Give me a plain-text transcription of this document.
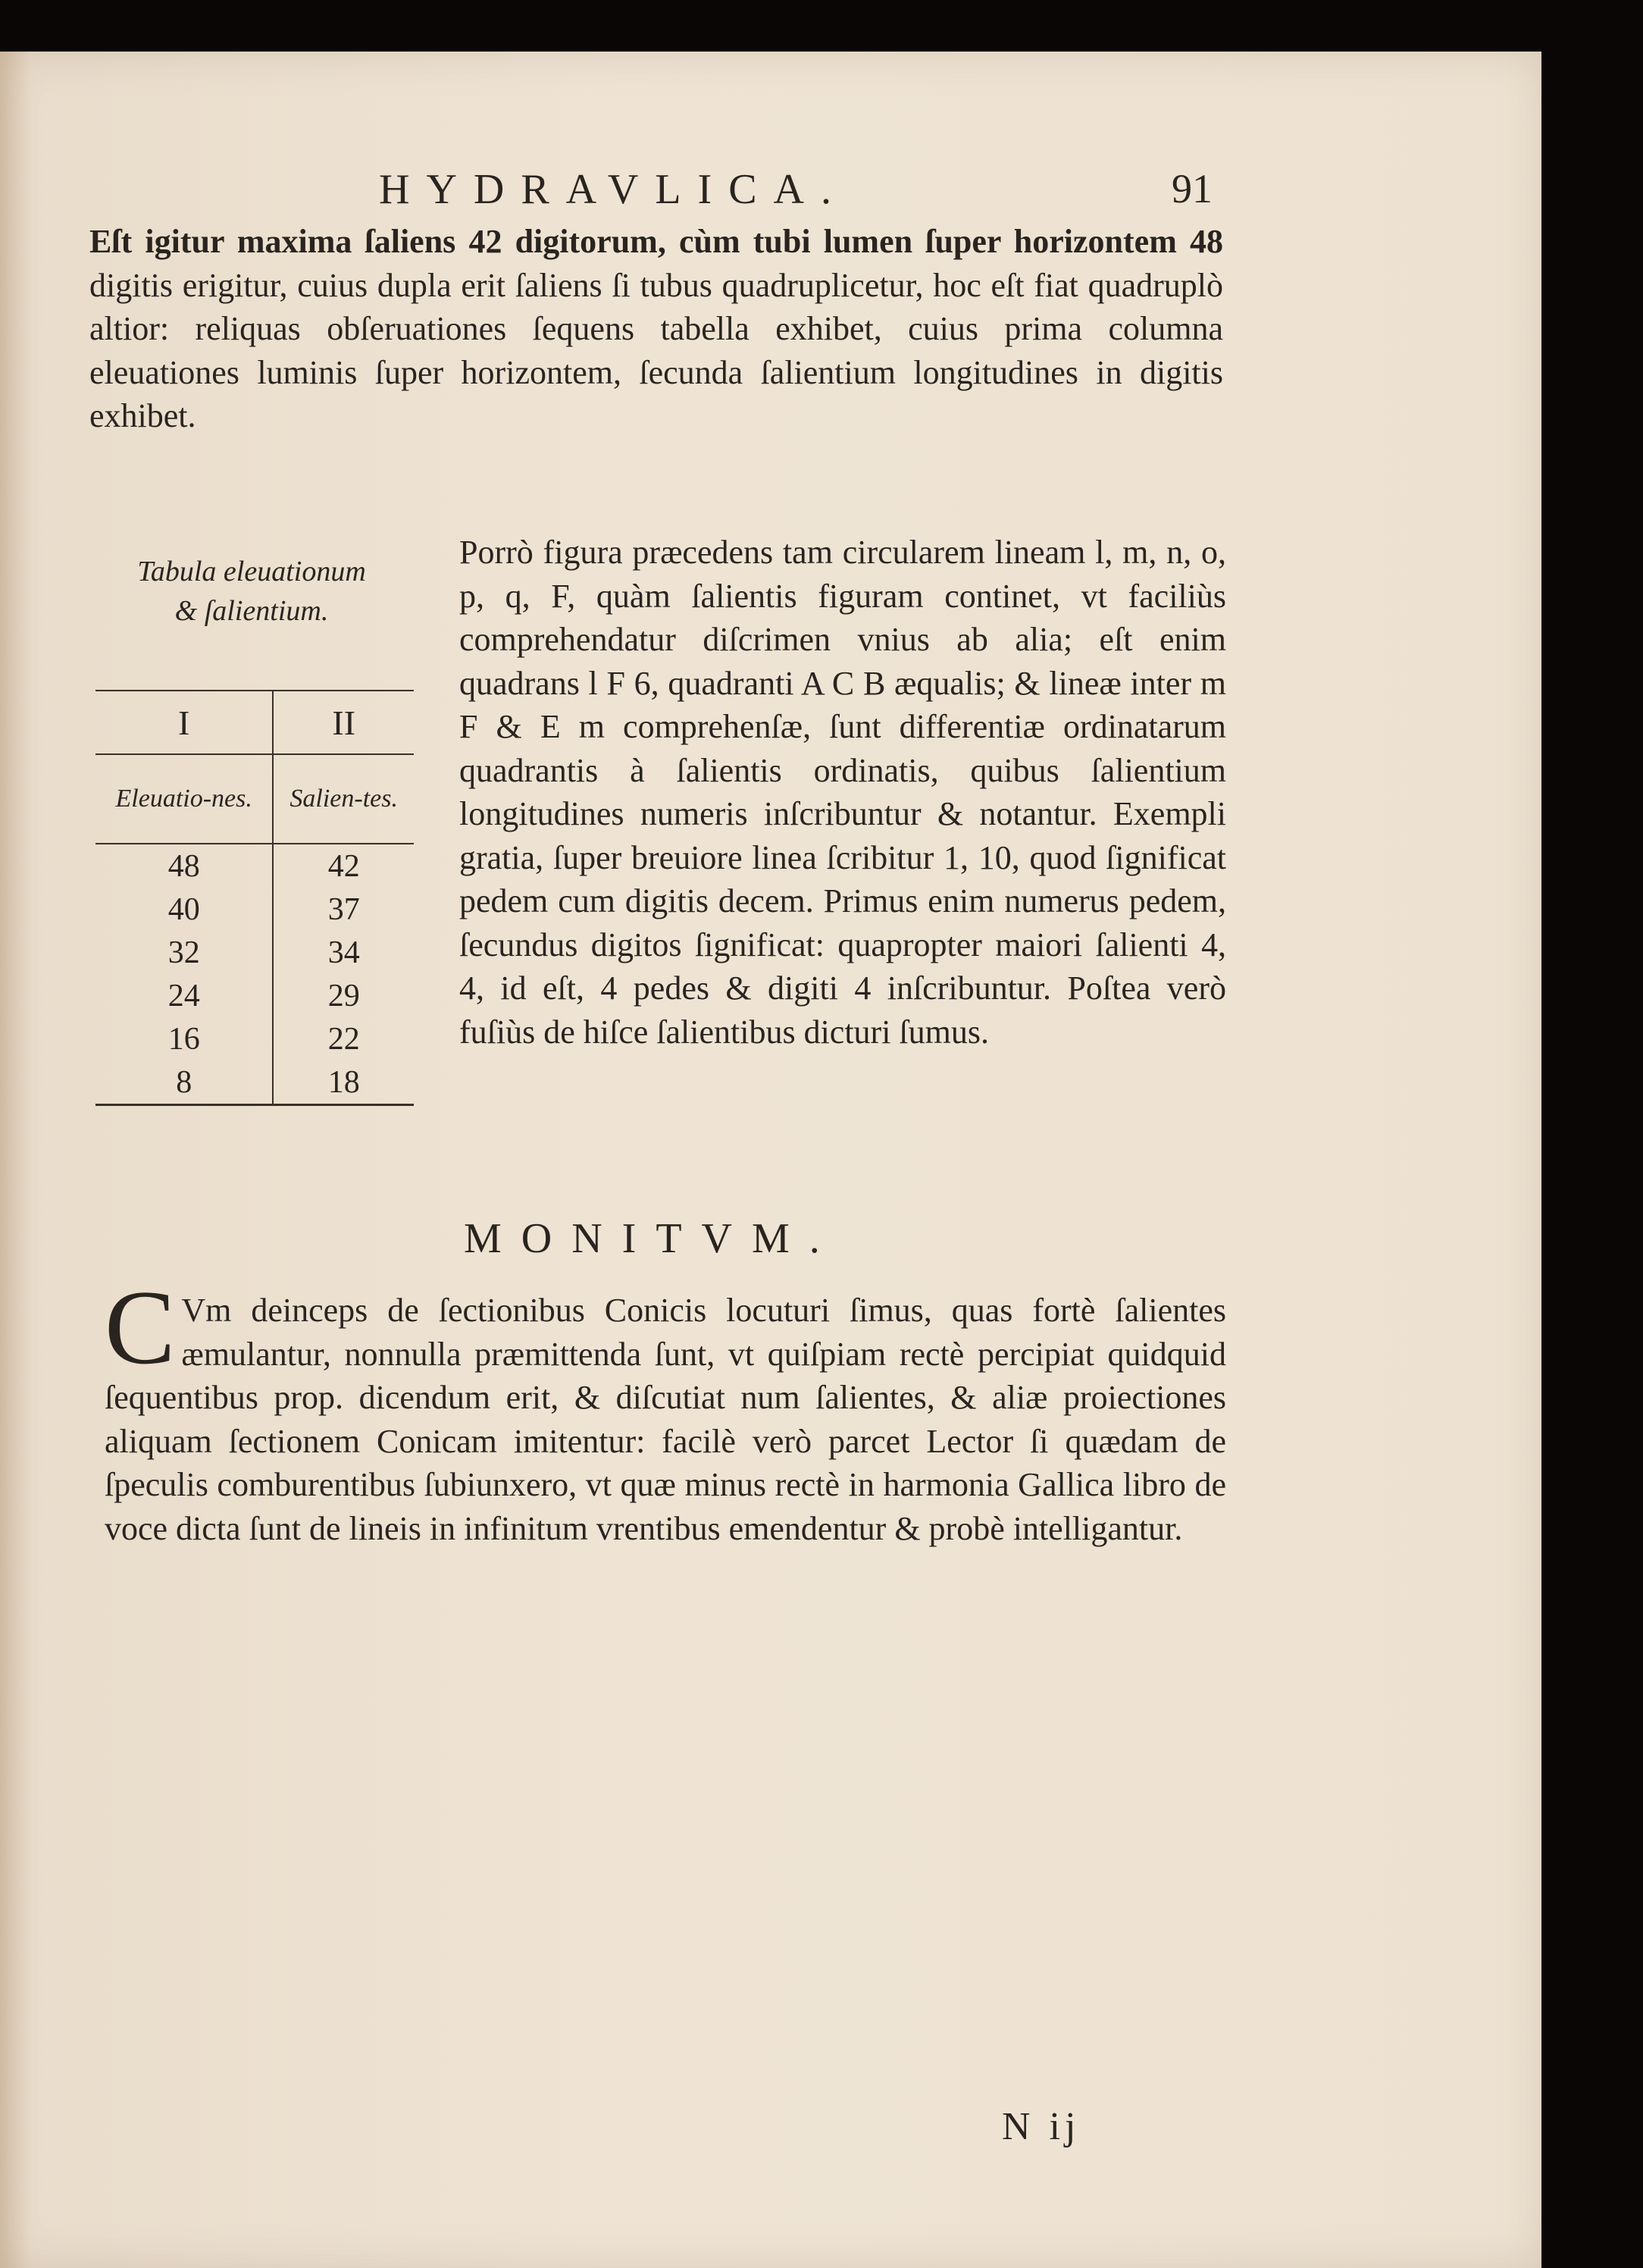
HYDRAVLICA.	91
Eſt igitur maxima ſaliens 42 digitorum, cùm tubi lumen ſuper horizontem 48 digitis erigitur, cuius dupla erit ſaliens ſi tubus quadruplicetur, hoc eſt fiat quadruplò altior: reliquas obſeruationes ſequens tabella exhibet, cuius prima columna eleuationes luminis ſuper horizontem, ſecunda ſalientium longitudines in digitis exhibet.
Tabula eleuationum
& ſalientium.
I	II
Eleuatio-nes.	Salien-tes.
48	42
40	37
32	34
24	29
16	22
8	18
Porrò figura præcedens tam circularem lineam l, m, n, o, p, q, F, quàm ſalientis figuram continet, vt faciliùs comprehendatur diſcrimen vnius ab alia; eſt enim quadrans l F 6, quadranti A C B æqualis; & lineæ inter m F & E m comprehenſæ, ſunt differentiæ ordinatarum quadrantis à ſalientis ordinatis, quibus ſalientium longitudines numeris inſcribuntur & notantur. Exempli gratia, ſuper breuiore linea ſcribitur 1, 10, quod ſignificat pedem cum digitis decem. Primus enim numerus pedem, ſecundus digitos ſignificat: quapropter maiori ſalienti 4, 4, id eſt, 4 pedes & digiti 4 inſcribuntur. Poſtea verò fuſiùs de hiſce ſalientibus dicturi ſumus.
MONITVM.
C Vm deinceps de ſectionibus Conicis locuturi ſimus, quas fortè ſalientes æmulantur, nonnulla præmittenda ſunt, vt quiſpiam rectè percipiat quidquid ſequentibus prop. dicendum erit, & diſcutiat num ſalientes, & aliæ proiectiones aliquam ſectionem Conicam imitentur: facilè verò parcet Lector ſi quædam de ſpeculis comburentibus ſubiunxero, vt quæ minus rectè in harmonia Gallica libro de voce dicta ſunt de lineis in infinitum vrentibus emendentur & probè intelligantur.
N ij
